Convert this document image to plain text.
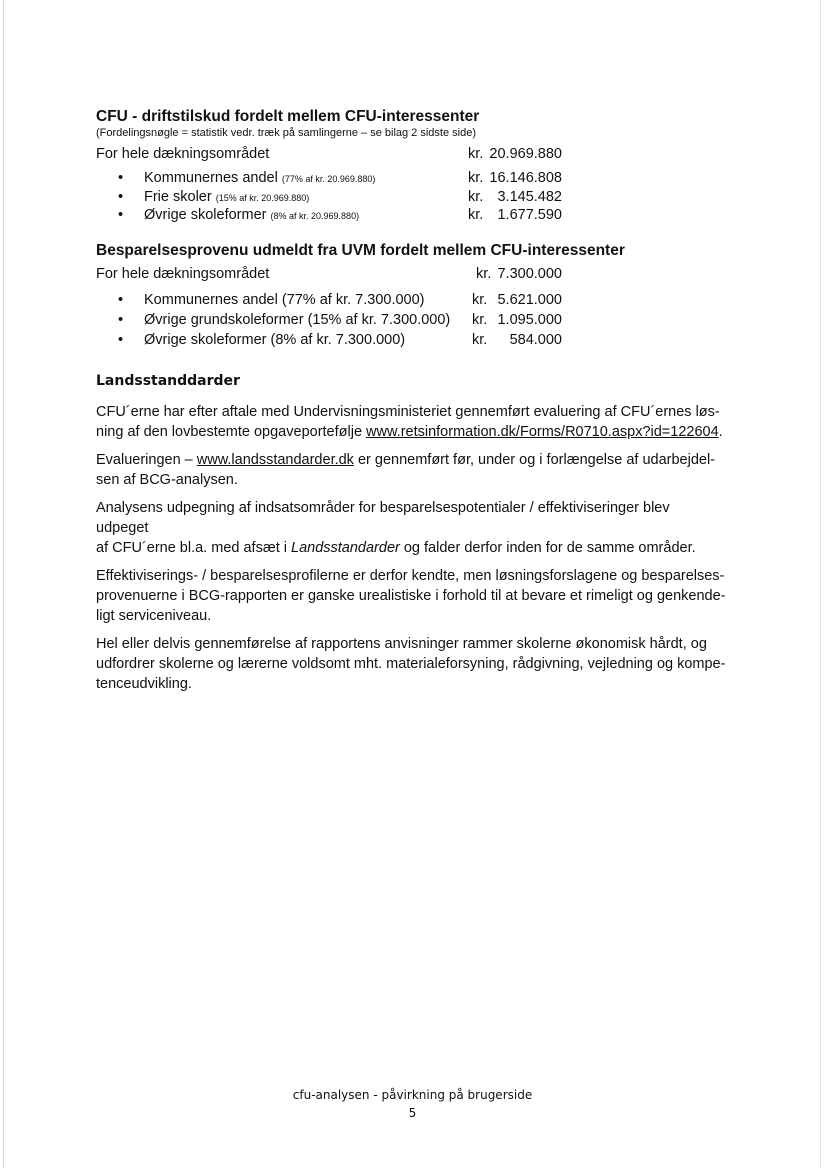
CFU - driftstilskud fordelt mellem CFU-interessenter
(Fordelingsnøgle = statistik vedr. træk på samlingerne – se bilag 2 sidste side)
For hele dækningsområdet	kr. 20.969.880
• Kommunernes andel (77% af kr. 20.969.880)	kr. 16.146.808
• Frie skoler (15% af kr. 20.969.880)	kr. 3.145.482
• Øvrige skoleformer (8% af kr. 20.969.880)	kr. 1.677.590
Besparelsesprovenu udmeldt fra UVM fordelt mellem CFU-interessenter
For hele dækningsområdet	kr. 7.300.000
• Kommunernes andel (77% af kr. 7.300.000)	kr. 5.621.000
• Øvrige grundskoleformer (15% af kr. 7.300.000) kr. 1.095.000
• Øvrige skoleformer (8% af kr. 7.300.000)	kr.	584.000
Landsstanddarder

CFU´erne har efter aftale med Undervisningsministeriet gennemført evaluering af CFU´ernes løs-
ning af den lovbestemte opgaveportefølje www.retsinformation.dk/Forms/R0710.aspx?id=122604.

Evalueringen – www.landsstandarder.dk er gennemført før, under og i forlængelse af udarbejdel-
sen af BCG-analysen.

Analysens udpegning af indsatsområder for besparelsespotentialer / effektiviseringer blev udpeget
af CFU´erne bl.a. med afsæt i Landsstandarder og falder derfor inden for de samme områder.

Effektiviserings- / besparelsesprofilerne er derfor kendte, men løsningsforslagene og besparelses-
provenuerne i BCG-rapporten er ganske urealistiske i forhold til at bevare et rimeligt og genkende-
ligt serviceniveau.

Hel eller delvis gennemførelse af rapportens anvisninger rammer skolerne økonomisk hårdt, og
udfordrer skolerne og lærerne voldsomt mht. materialeforsyning, rådgivning, vejledning og kompe-
tenceudvikling.

cfu-analysen - påvirkning på brugerside
5
